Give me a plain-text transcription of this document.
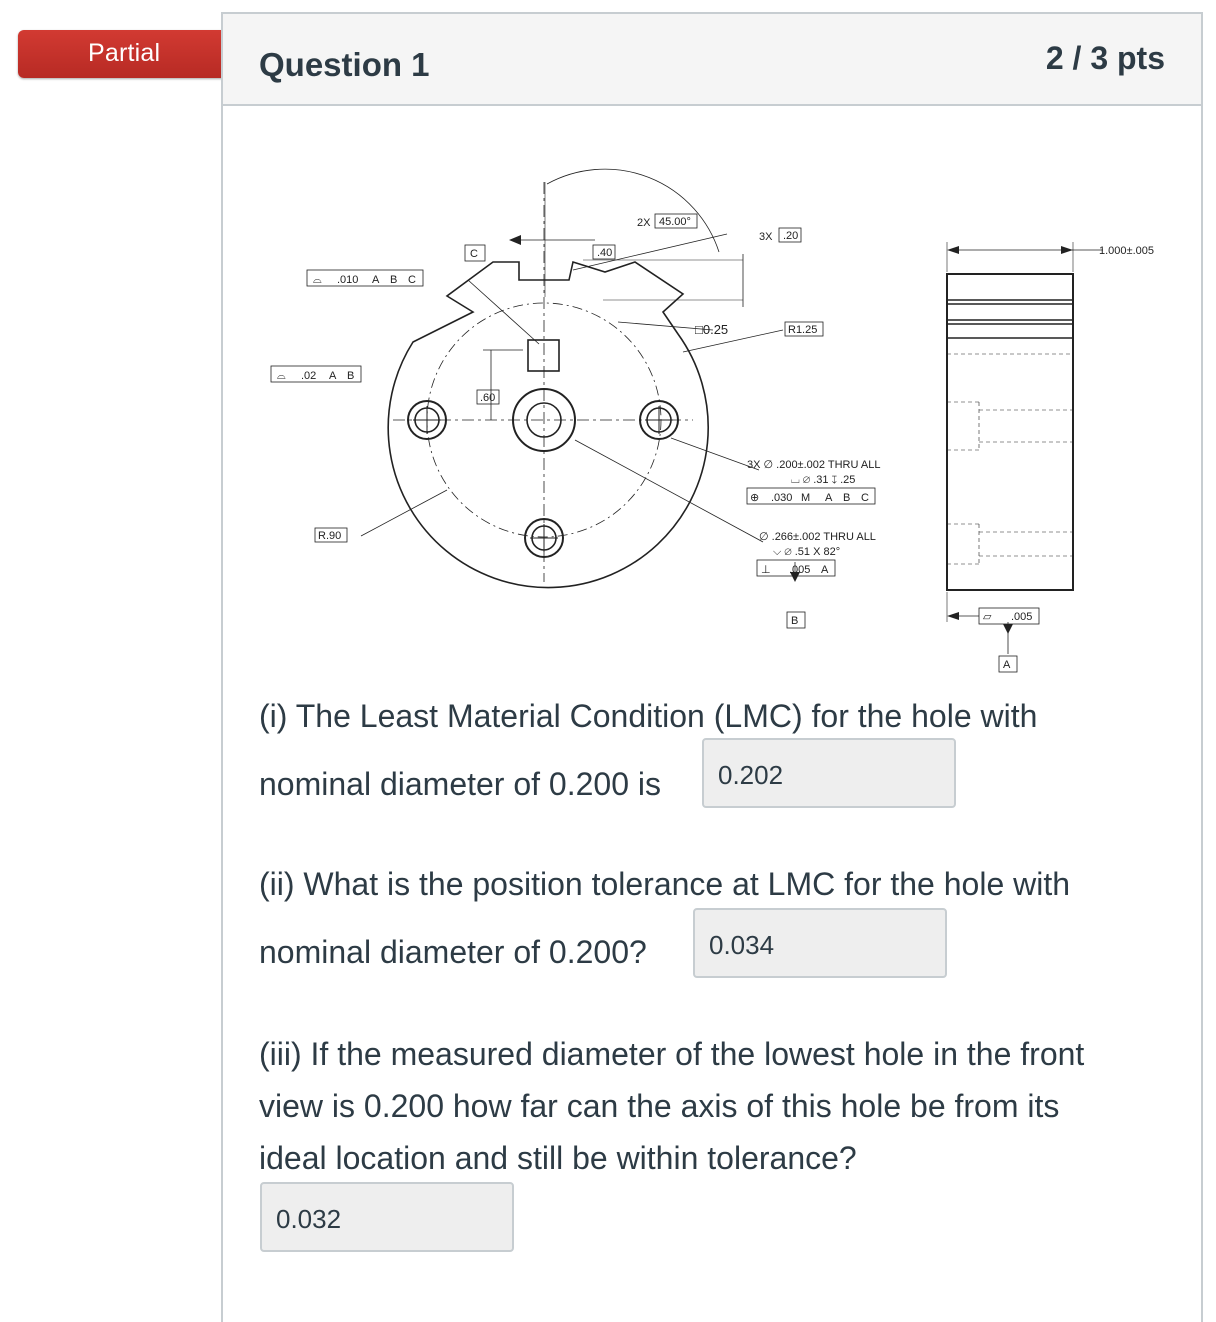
Partial	Question 1	2 / 3 pts
2X 45.00°
3X .20
.40
C
⌓ .010 A B C
⌓ .02 A B
□0.25	R1.25
.60
R.90
3X ∅ .200±.002 THRU ALL
⌴ ∅ .31 ↧ .25
⊕ .030 M A B C
∅ .266±.002 THRU ALL
⌵ ∅ .51 X 82°
⊥ .005 A
B
1.000±.005
▱ .005
A
(i) The Least Material Condition (LMC) for the hole with
nominal diameter of 0.200 is	0.202
(ii) What is the position tolerance at LMC for the hole with
nominal diameter of 0.200?	0.034
(iii) If the measured diameter of the lowest hole in the front
view is 0.200 how far can the axis of this hole be from its
ideal location and still be within tolerance?
0.032
